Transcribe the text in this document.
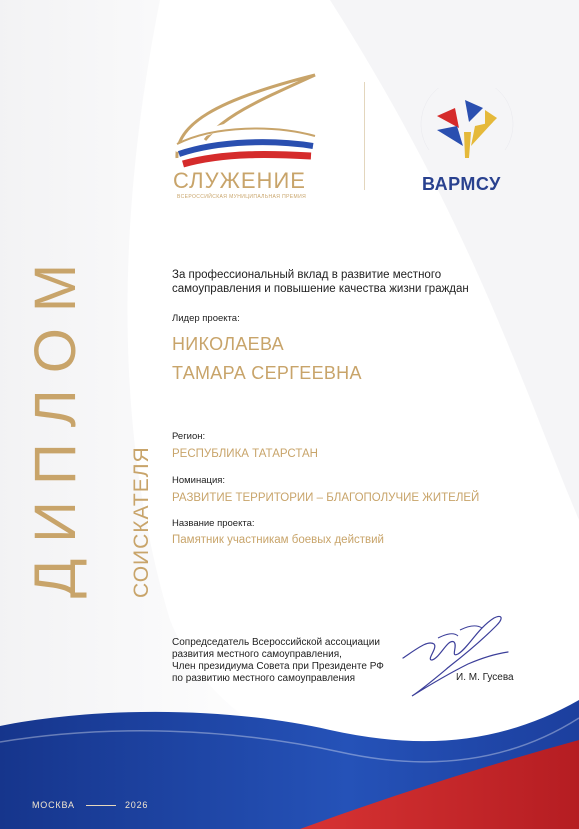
ДИПЛОМ СОИСКАТЕЛЯ
СЛУЖЕНИЕ
ВСЕРОССИЙСКАЯ МУНИЦИПАЛЬНАЯ ПРЕМИЯ
ВАРМСУ
За профессиональный вклад в развитие местного
самоуправления и повышение качества жизни граждан
Лидер проекта:
НИКОЛАЕВА
ТАМАРА СЕРГЕЕВНА
Регион:
РЕСПУБЛИКА ТАТАРСТАН
Номинация:
РАЗВИТИЕ ТЕРРИТОРИИ – БЛАГОПОЛУЧИЕ ЖИТЕЛЕЙ
Название проекта:
Памятник участникам боевых действий
Сопредседатель Всероссийской ассоциации
развития местного самоуправления,
Член президиума Совета при Президенте РФ
по развитию местного самоуправления	И. М. Гусева
МОСКВА	2026
